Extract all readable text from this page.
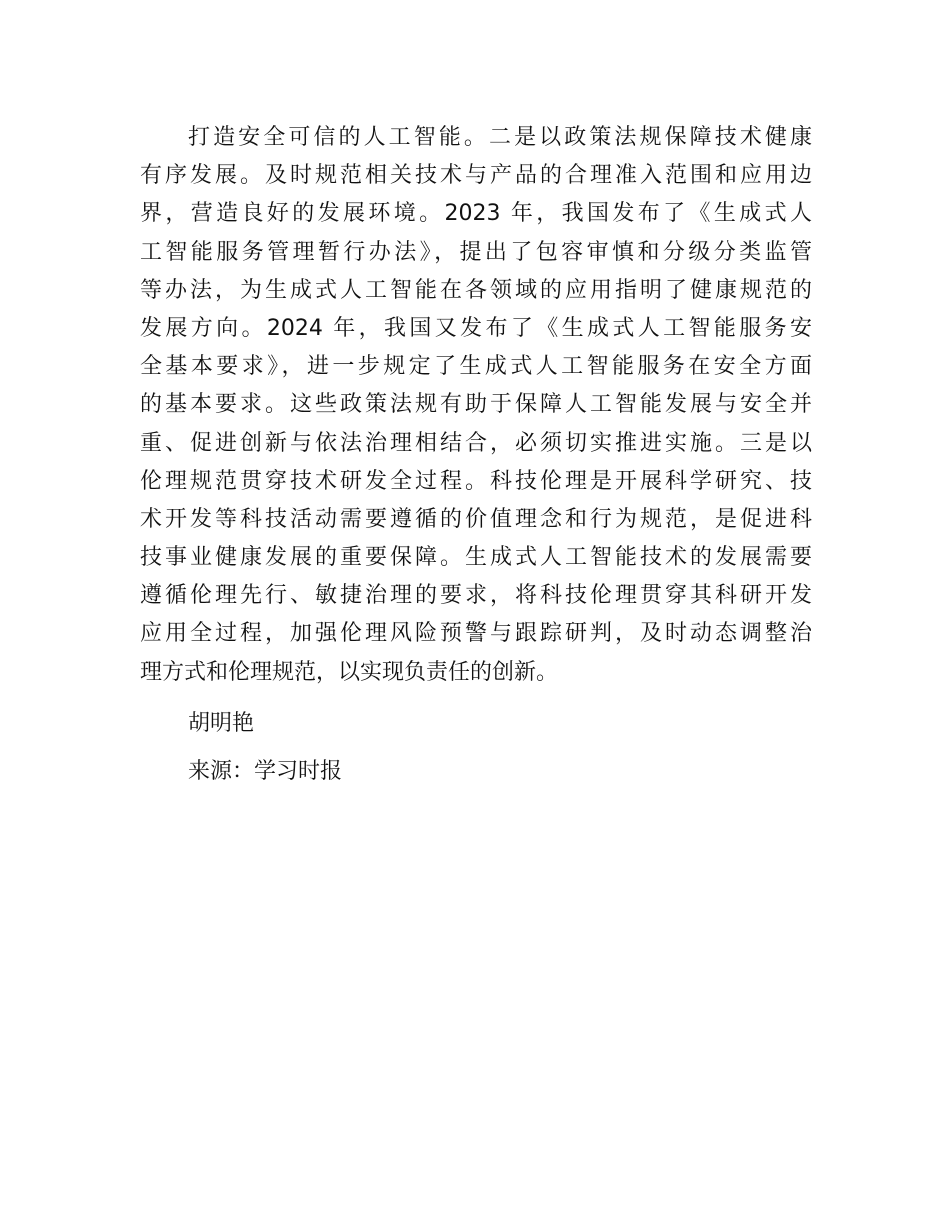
打造安全可信的人工智能。二是以政策法规保障技术健康
有序发展。及时规范相关技术与产品的合理准入范围和应用边
界，营造良好的发展环境。2023 年，我国发布了《生成式人
工智能服务管理暂行办法》，提出了包容审慎和分级分类监管
等办法，为生成式人工智能在各领域的应用指明了健康规范的
发展方向。2024 年，我国又发布了《生成式人工智能服务安
全基本要求》，进一步规定了生成式人工智能服务在安全方面
的基本要求。这些政策法规有助于保障人工智能发展与安全并
重、促进创新与依法治理相结合，必须切实推进实施。三是以
伦理规范贯穿技术研发全过程。科技伦理是开展科学研究、技
术开发等科技活动需要遵循的价值理念和行为规范，是促进科
技事业健康发展的重要保障。生成式人工智能技术的发展需要
遵循伦理先行、敏捷治理的要求，将科技伦理贯穿其科研开发
应用全过程，加强伦理风险预警与跟踪研判，及时动态调整治
理方式和伦理规范，以实现负责任的创新。
胡明艳
来源：学习时报
